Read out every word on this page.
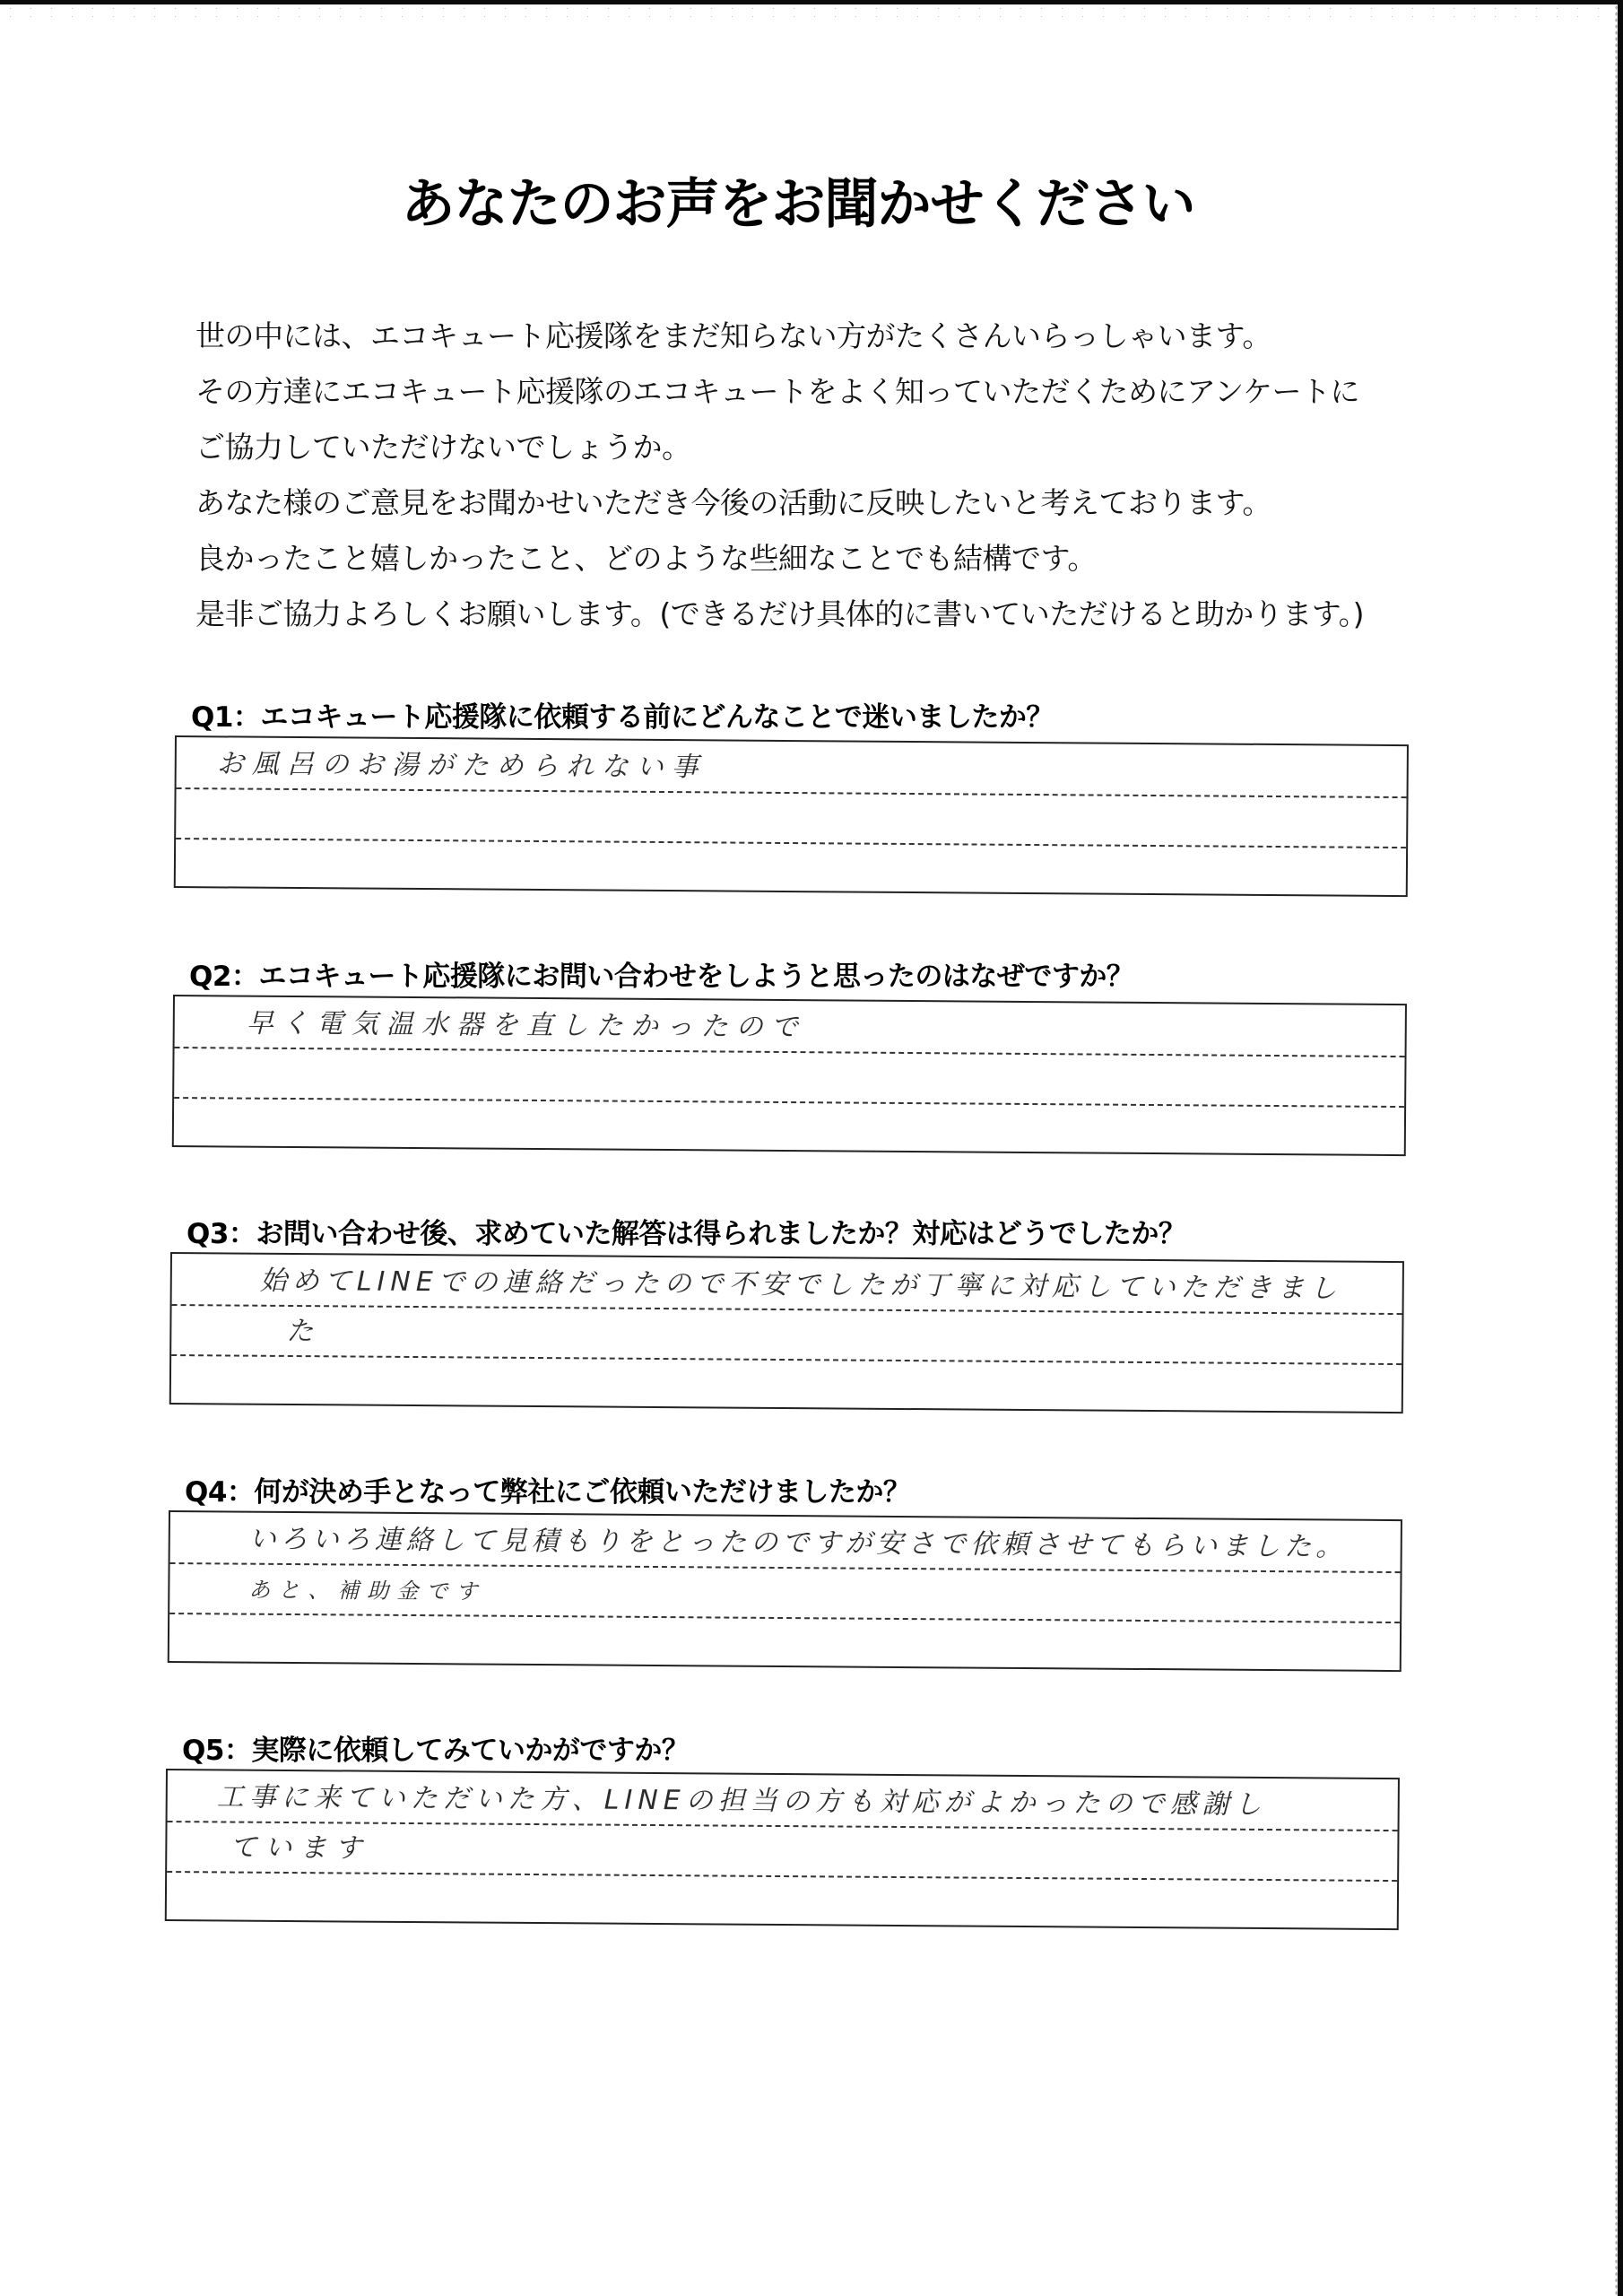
あなたのお声をお聞かせください
世の中には、エコキュート応援隊をまだ知らない方がたくさんいらっしゃいます。
その方達にエコキュート応援隊のエコキュートをよく知っていただくためにアンケートに
ご協力していただけないでしょうか。
あなた様のご意見をお聞かせいただき今後の活動に反映したいと考えております。
良かったこと嬉しかったこと、どのような些細なことでも結構です。
是非ご協力よろしくお願いします。(できるだけ具体的に書いていただけると助かります。)
Q1：エコキュート応援隊に依頼する前にどんなことで迷いましたか？
お風呂のお湯がためられない事
Q2：エコキュート応援隊にお問い合わせをしようと思ったのはなぜですか？
早く電気温水器を直したかったので
Q3：お問い合わせ後、求めていた解答は得られましたか？対応はどうでしたか？
始めてLINEでの連絡だったので不安でしたが丁寧に対応していただきまし
た
Q4：何が決め手となって弊社にご依頼いただけましたか？
いろいろ連絡して見積もりをとったのですが安さで依頼させてもらいました。
あと、補助金です
Q5：実際に依頼してみていかがですか？
工事に来ていただいた方、LINEの担当の方も対応がよかったので感謝し
ています
